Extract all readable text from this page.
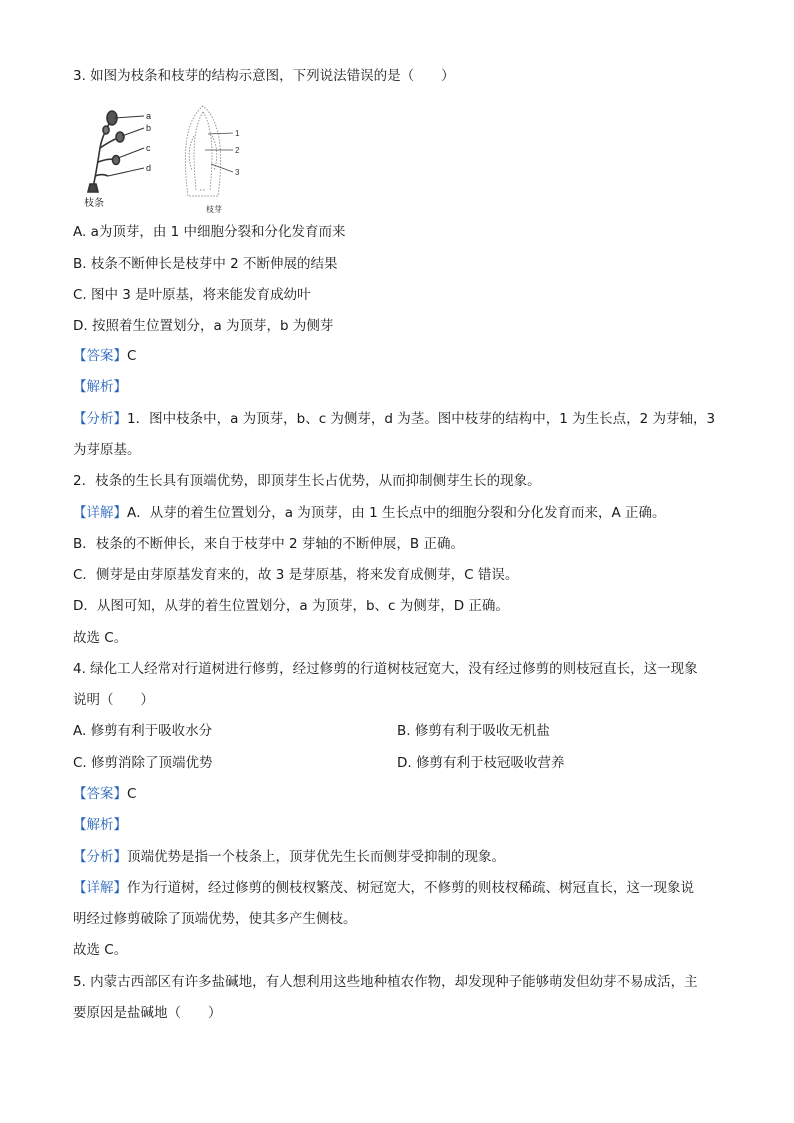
3. 如图为枝条和枝芽的结构示意图，下列说法错误的是（　　）
a
b
c
d
枝条
1
2
3
枝芽
A. a为顶芽，由 1 中细胞分裂和分化发育而来
B. 枝条不断伸长是枝芽中 2 不断伸展的结果
C. 图中 3 是叶原基，将来能发育成幼叶
D. 按照着生位置划分，a 为顶芽，b 为侧芽
【答案】C
【解析】
【分析】1．图中枝条中，a 为顶芽，b、c 为侧芽，d 为茎。图中枝芽的结构中，1 为生长点，2 为芽轴，3
为芽原基。
2．枝条的生长具有顶端优势，即顶芽生长占优势，从而抑制侧芽生长的现象。
【详解】A．从芽的着生位置划分，a 为顶芽，由 1 生长点中的细胞分裂和分化发育而来，A 正确。
B．枝条的不断伸长，来自于枝芽中 2 芽轴的不断伸展，B 正确。
C．侧芽是由芽原基发育来的，故 3 是芽原基，将来发育成侧芽，C 错误。
D．从图可知，从芽的着生位置划分，a 为顶芽，b、c 为侧芽，D 正确。
故选 C。
4. 绿化工人经常对行道树进行修剪，经过修剪的行道树枝冠宽大，没有经过修剪的则枝冠直长，这一现象
说明（　　）
A. 修剪有利于吸收水分	B. 修剪有利于吸收无机盐
C. 修剪消除了顶端优势	D. 修剪有利于枝冠吸收营养
【答案】C
【解析】
【分析】顶端优势是指一个枝条上，顶芽优先生长而侧芽受抑制的现象。
【详解】作为行道树，经过修剪的侧枝杈繁茂、树冠宽大，不修剪的则枝杈稀疏、树冠直长，这一现象说
明经过修剪破除了顶端优势，使其多产生侧枝。
故选 C。
5. 内蒙古西部区有许多盐碱地，有人想利用这些地种植农作物，却发现种子能够萌发但幼芽不易成活，主
要原因是盐碱地（　　）
